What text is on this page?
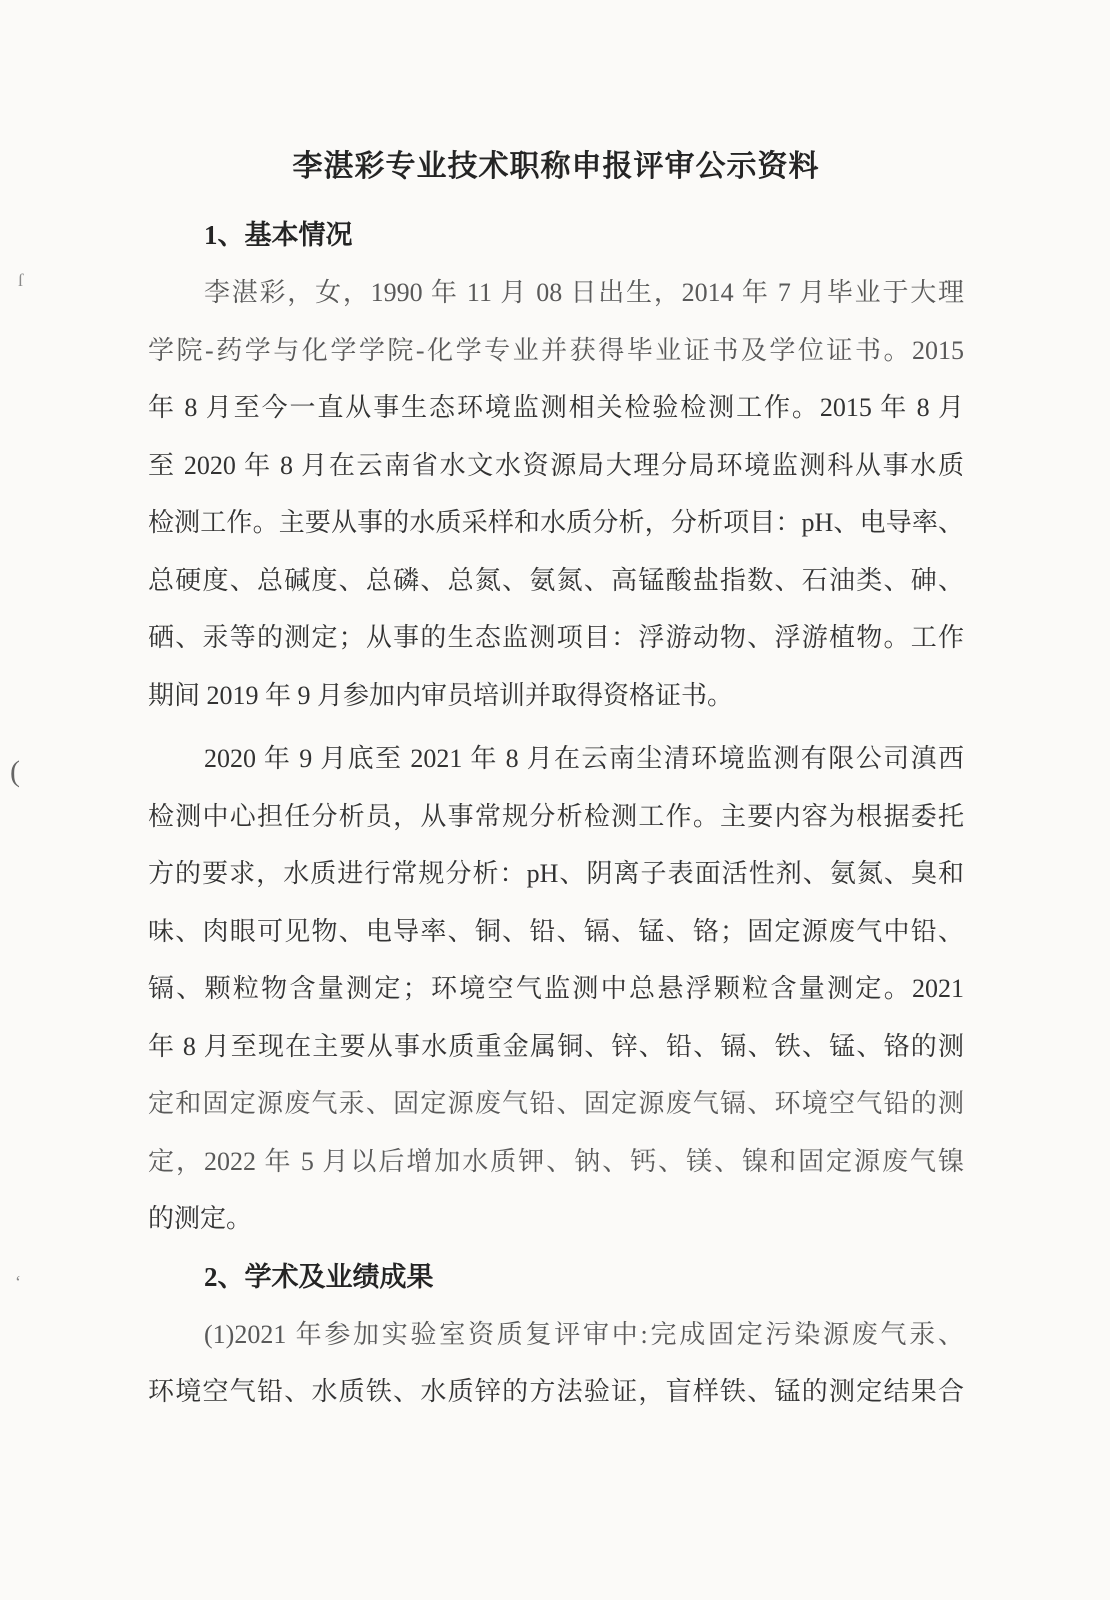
ſ
(
ʻ
李湛彩专业技术职称申报评审公示资料
1、基本情况
李湛彩，女，1990 年 11 月 08 日出生，2014 年 7 月毕业于大理
学院-药学与化学学院-化学专业并获得毕业证书及学位证书。2015
年 8 月至今一直从事生态环境监测相关检验检测工作。2015 年 8 月
至 2020 年 8 月在云南省水文水资源局大理分局环境监测科从事水质
检测工作。主要从事的水质采样和水质分析，分析项目：pH、电导率、
总硬度、总碱度、总磷、总氮、氨氮、高锰酸盐指数、石油类、砷、
硒、汞等的测定；从事的生态监测项目：浮游动物、浮游植物。工作
期间 2019 年 9 月参加内审员培训并取得资格证书。
2020 年 9 月底至 2021 年 8 月在云南尘清环境监测有限公司滇西
检测中心担任分析员，从事常规分析检测工作。主要内容为根据委托
方的要求，水质进行常规分析：pH、阴离子表面活性剂、氨氮、臭和
味、肉眼可见物、电导率、铜、铅、镉、锰、铬；固定源废气中铅、
镉、颗粒物含量测定；环境空气监测中总悬浮颗粒含量测定。2021
年 8 月至现在主要从事水质重金属铜、锌、铅、镉、铁、锰、铬的测
定和固定源废气汞、固定源废气铅、固定源废气镉、环境空气铅的测
定，2022 年 5 月以后增加水质钾、钠、钙、镁、镍和固定源废气镍
的测定。
2、学术及业绩成果
(1)2021 年参加实验室资质复评审中:完成固定污染源废气汞、
环境空气铅、水质铁、水质锌的方法验证，盲样铁、锰的测定结果合
